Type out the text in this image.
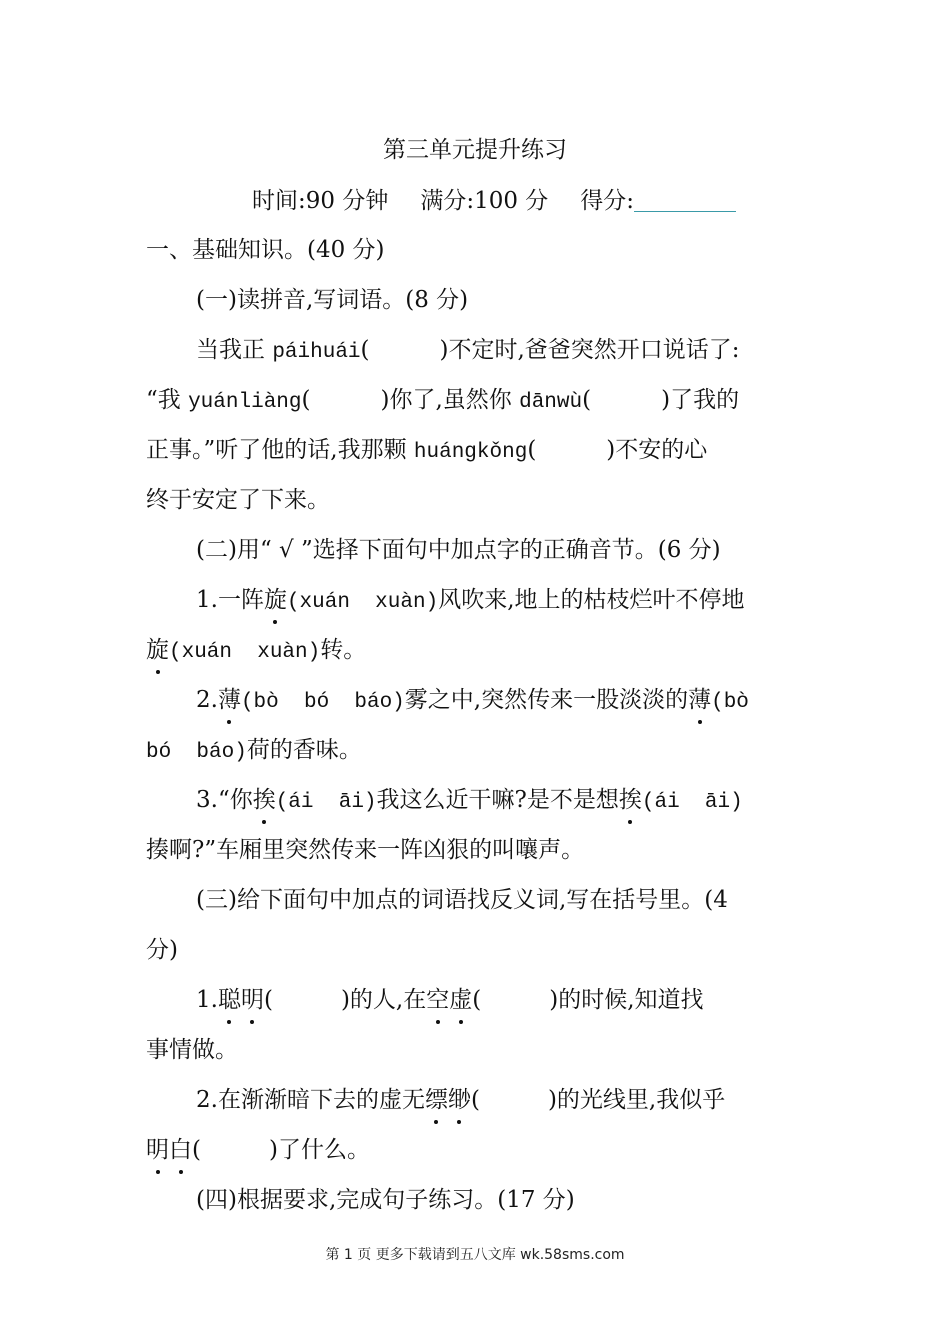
第三单元提升练习
时间:90 分钟 满分:100 分 得分:
一、基础知识。(40 分)
(一)读拼音,写词语。(8 分)
当我正 páihuái(	)不定时,爸爸突然开口说话了:
“我 yuánliàng(	)你了,虽然你 dānwù(	)了我的
正事。”听了他的话,我那颗 huángkǒng(	)不安的心
终于安定了下来。
(二)用“ √ ”选择下面句中加点字的正确音节。(6 分)
1.一阵旋(xuán  xuàn)风吹来,地上的枯枝烂叶不停地
旋(xuán  xuàn)转。
2.薄(bò  bó  báo)雾之中,突然传来一股淡淡的薄(bò
bó  báo)荷的香味。
3.“你挨(ái  āi)我这么近干嘛?是不是想挨(ái  āi)
揍啊?”车厢里突然传来一阵凶狠的叫嚷声。
(三)给下面句中加点的词语找反义词,写在括号里。(4
分)
1.聪明(	)的人,在空虚(	)的时候,知道找
事情做。
2.在渐渐暗下去的虚无缥缈(	)的光线里,我似乎
明白(	)了什么。
(四)根据要求,完成句子练习。(17 分)
第 1 页 更多下载请到五八文库 wk.58sms.com
